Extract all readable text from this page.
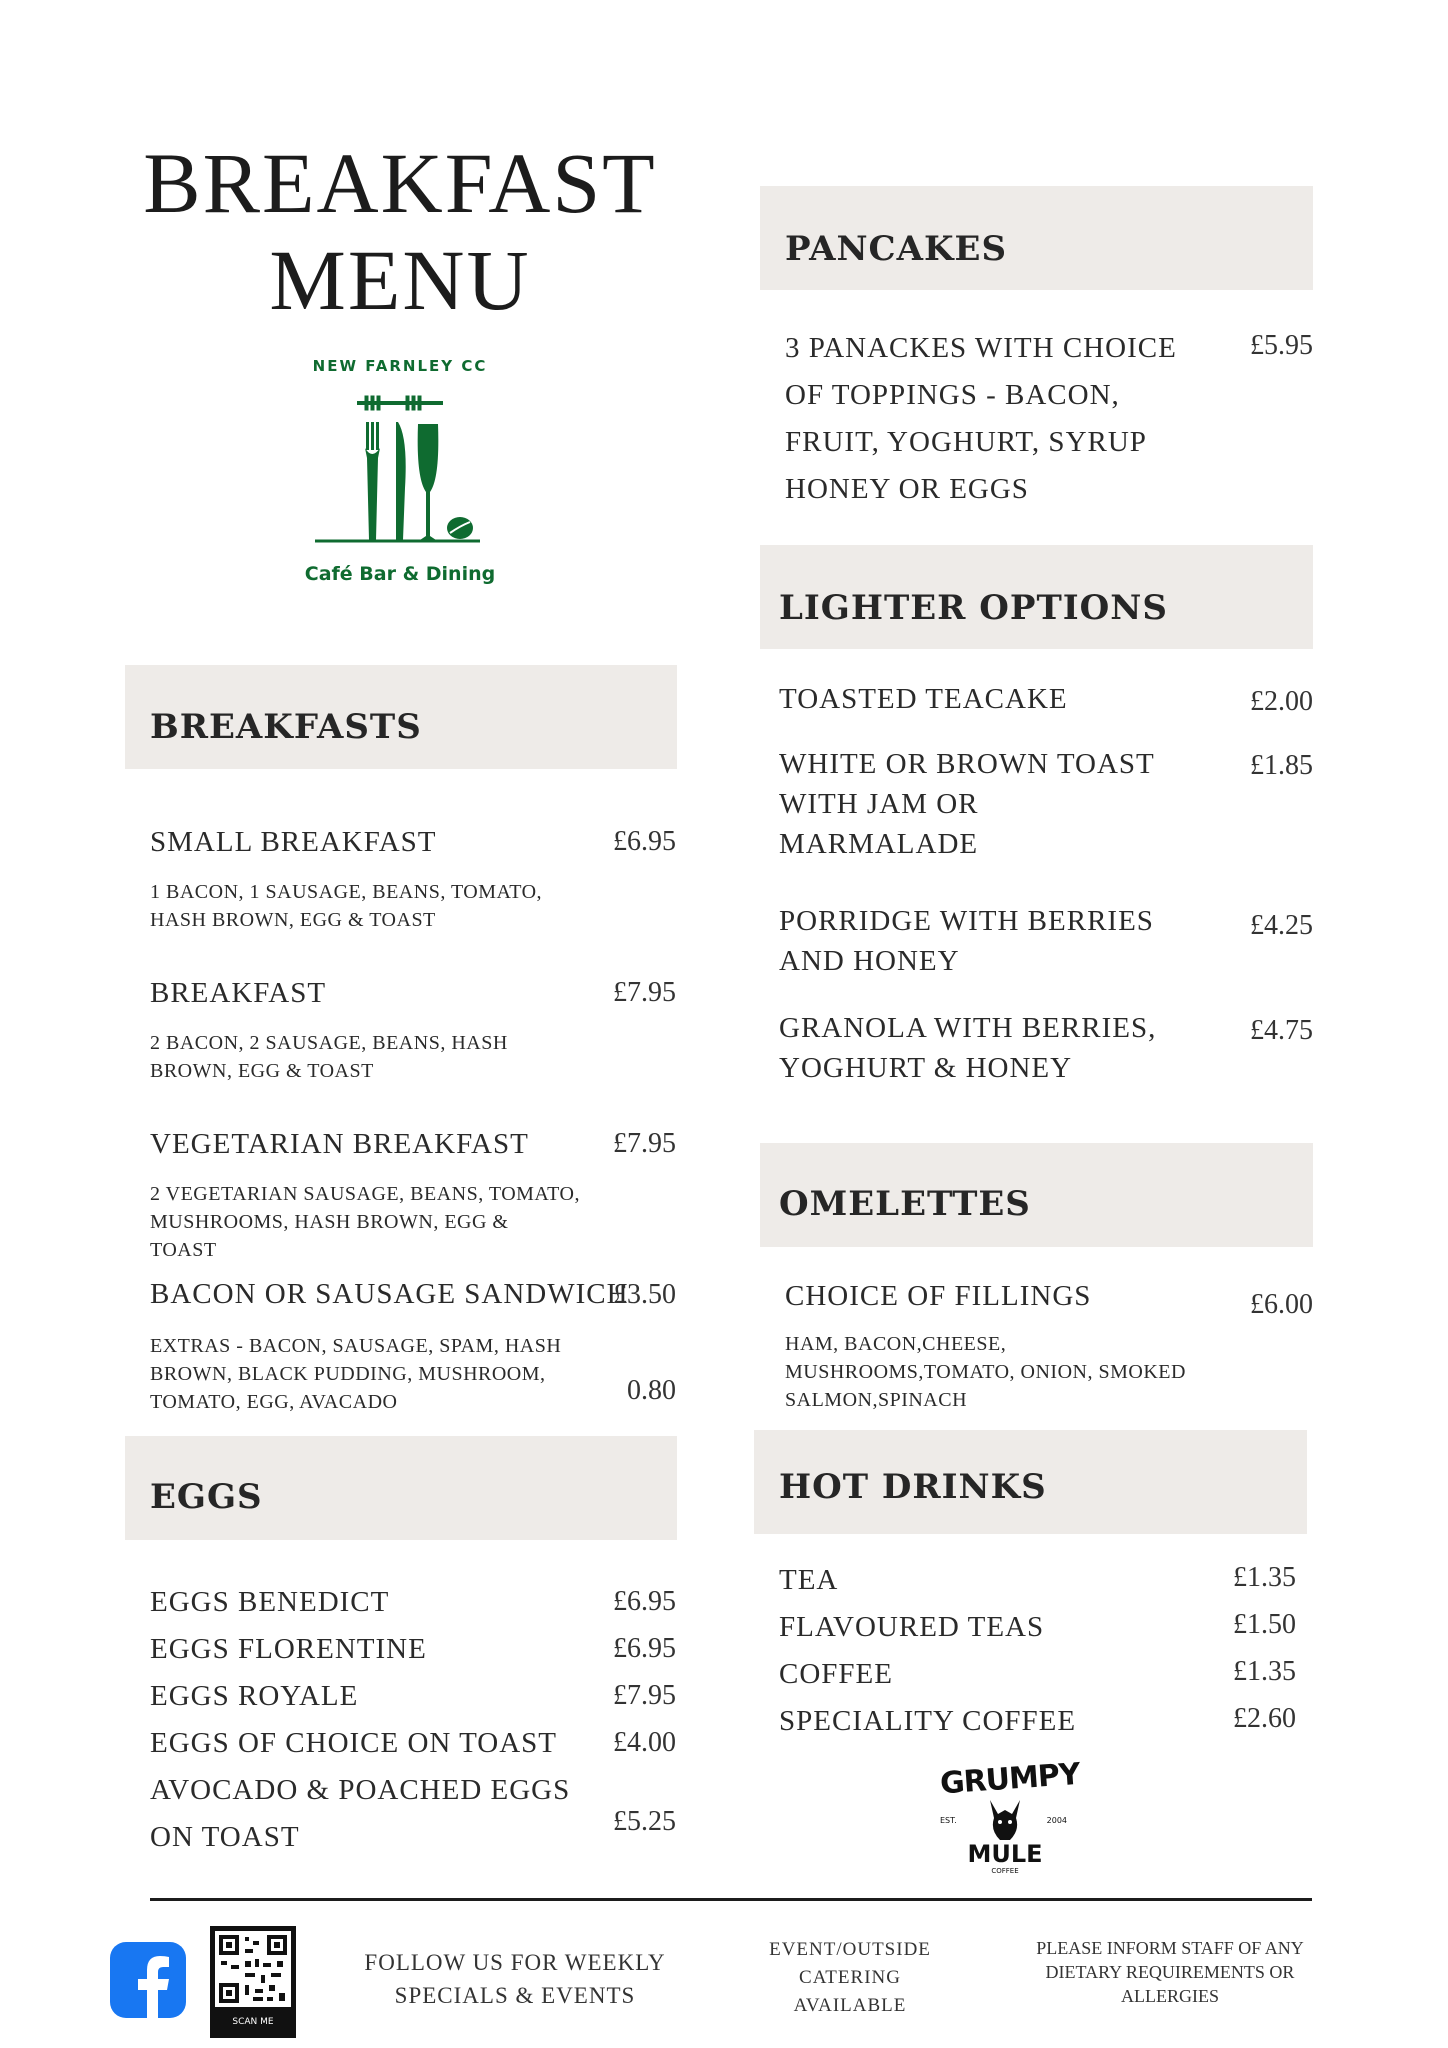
BREAKFAST
MENU
NEW FARNLEY CC
Café Bar & Dining
BREAKFASTS
SMALL BREAKFAST	£6.95
1 BACON, 1 SAUSAGE, BEANS, TOMATO,
HASH BROWN, EGG & TOAST
BREAKFAST	£7.95
2 BACON, 2 SAUSAGE, BEANS, HASH
BROWN, EGG & TOAST
VEGETARIAN BREAKFAST	£7.95
2 VEGETARIAN SAUSAGE, BEANS, TOMATO,
MUSHROOMS, HASH BROWN, EGG &
TOAST
BACON OR SAUSAGE SANDWICH
£3.50
EXTRAS - BACON, SAUSAGE, SPAM, HASH
BROWN, BLACK PUDDING, MUSHROOM,
TOMATO, EGG, AVACADO	0.80
EGGS
EGGS BENEDICT	£6.95
EGGS FLORENTINE	£6.95
EGGS ROYALE	£7.95
EGGS OF CHOICE ON TOAST £4.00
AVOCADO & POACHED EGGS
ON TOAST	£5.25
PANCAKES
3 PANACKES WITH CHOICE
OF TOPPINGS - BACON,
FRUIT, YOGHURT, SYRUP
HONEY OR EGGS
£5.95
LIGHTER OPTIONS
TOASTED TEACAKE	£2.00
WHITE OR BROWN TOAST
WITH JAM OR
MARMALADE
£1.85
PORRIDGE WITH BERRIES
AND HONEY
£4.25
GRANOLA WITH BERRIES,
YOGHURT & HONEY
£4.75
OMELETTES
CHOICE OF FILLINGS	£6.00
HAM, BACON,CHEESE,
MUSHROOMS,TOMATO, ONION, SMOKED
SALMON,SPINACH
HOT DRINKS
TEA	£1.35
FLAVOURED TEAS	£1.50
COFFEE	£1.35
SPECIALITY COFFEE	£2.60
GRUMPY
EST.	2004
MULE
COFFEE
SCAN ME
FOLLOW US FOR WEEKLY
SPECIALS & EVENTS
EVENT/OUTSIDE
CATERING
AVAILABLE
PLEASE INFORM STAFF OF ANY
DIETARY REQUIREMENTS OR
ALLERGIES
